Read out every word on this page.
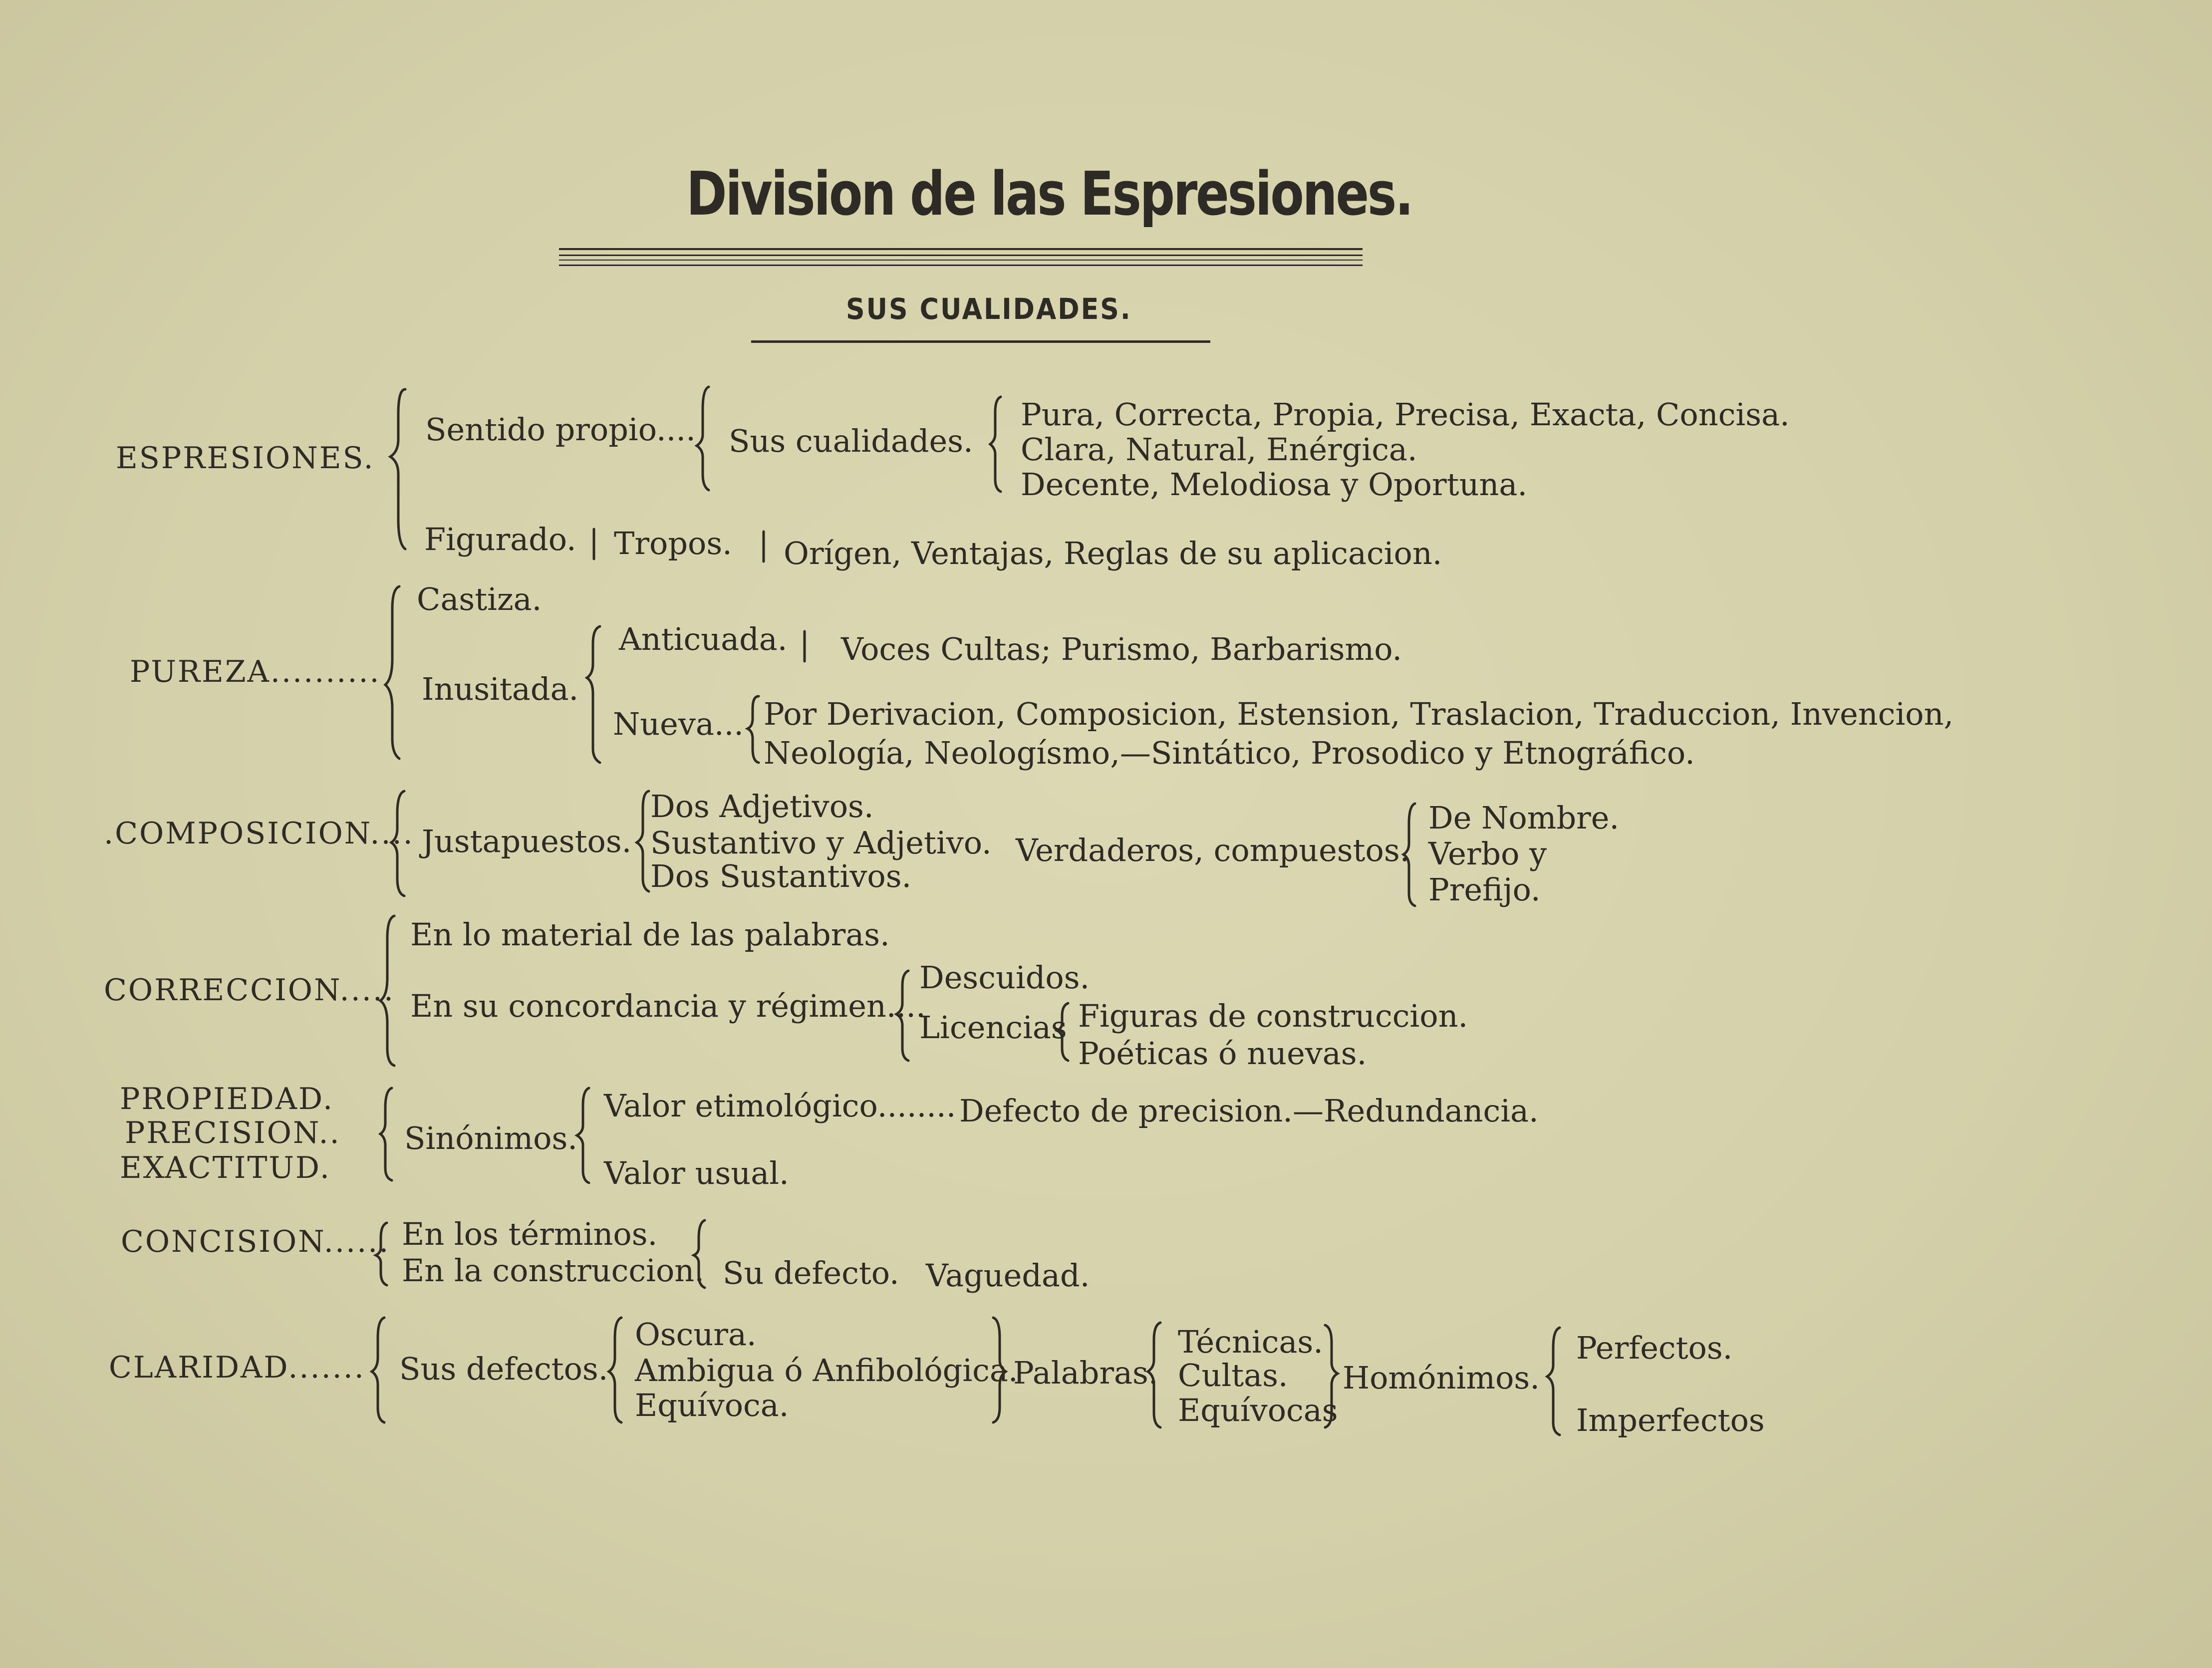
Division de las Espresiones.
SUS CUALIDADES.
ESPRESIONES.
Sentido propio.... Sus cualidades.
Pura, Correcta, Propia, Precisa, Exacta, Concisa.
Clara, Natural, Enérgica.
Decente, Melodiosa y Oportuna.
Figurado. Tropos. Orígen, Ventajas, Reglas de su aplicacion.
PUREZA..........
Castiza.
Inusitada.
Anticuada. Voces Cultas; Purismo, Barbarismo.
Nueva... Por Derivacion, Composicion, Estension, Traslacion, Traduccion, Invencion,
Neología, Neologísmo,—Sintático, Prosodico y Etnográfico.
.COMPOSICION.... Justapuestos.
Dos Adjetivos.
Sustantivo y Adjetivo.
Dos Sustantivos.
Verdaderos, compuestos.
De Nombre.
Verbo y
Prefijo.
CORRECCION.....
En lo material de las palabras.
En su concordancia y régimen....
Descuidos.
Licencias Figuras de construccion.
Poéticas ó nuevas.
PROPIEDAD.
PRECISION..
EXACTITUD.
Sinónimos.
Valor etimológico........ Defecto de precision.—Redundancia.
Valor usual.
CONCISION...... En los términos.
En la construccion. Su defecto. Vaguedad.
CLARIDAD....... Sus defectos.
Oscura.
Ambigua ó Anfibológica.
Equívoca.
Palabras.
Técnicas.
Cultas.
Equívocas
Homónimos.
Perfectos.
Imperfectos
